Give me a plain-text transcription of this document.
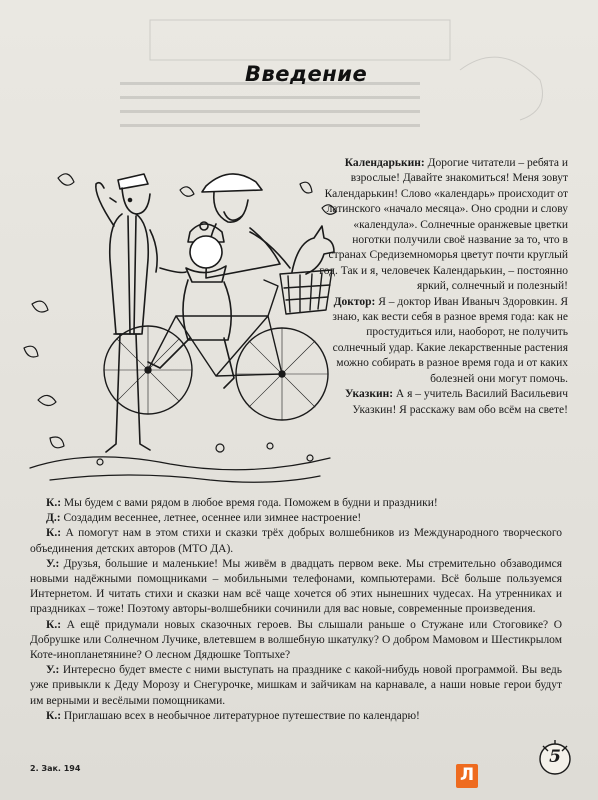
Введение

Календарькин: Дорогие читатели – ребята и взрослые! Давайте знакомиться! Меня зовут Календарькин! Слово «календарь» происходит от латинского «начало месяца». Оно сродни и слову «календула». Солнечные оранжевые цветки ноготки получили своё название за то, что в странах Средиземноморья цветут почти круглый год. Так и я, человечек Календарькин, – постоянно яркий, солнечный и полезный!

Доктор: Я – доктор Иван Иваныч Здоровкин. Я знаю, как вести себя в разное время года: как не простудиться или, наоборот, не получить солнечный удар. Какие лекарственные растения можно собирать в разное время года и от каких болезней они могут помочь.

Указкин: А я – учитель Василий Васильевич Указкин! Я расскажу вам обо всём на свете!

К.: Мы будем с вами рядом в любое время года. Поможем в будни и праздники!

Д.: Создадим весеннее, летнее, осеннее или зимнее настроение!

К.: А помогут нам в этом стихи и сказки трёх добрых волшебников из Международного творческого объединения детских авторов (МТО ДА).

У.: Друзья, большие и маленькие! Мы живём в двадцать первом веке. Мы стремительно обзаводимся новыми надёжными помощниками – мобильными телефонами, компьютерами. Всё больше пользуемся Интернетом. И читать стихи и сказки нам всё чаще хочется об этих нынешних чудесах. На утренниках и праздниках – тоже! Поэтому авторы-волшебники сочинили для вас новые, современные произведения.

К.: А ещё придумали новых сказочных героев. Вы слышали раньше о Стужане или Стоговике? О Добрушке или Солнечном Лучике, влетевшем в волшебную шкатулку? О добром Мамовом и Шестикрылом Коте-инопланетянине? О лесном Дядюшке Топтыхе?

У.: Интересно будет вместе с ними выступать на празднике с какой-нибудь новой программой. Вы ведь уже привыкли к Деду Морозу и Снегурочке, мишкам и зайчикам на карнавале, а наши новые герои будут им верными и весёлыми помощниками.

К.: Приглашаю всех в необычное литературное путешествие по календарю!

2. Зак. 194	Л
5
